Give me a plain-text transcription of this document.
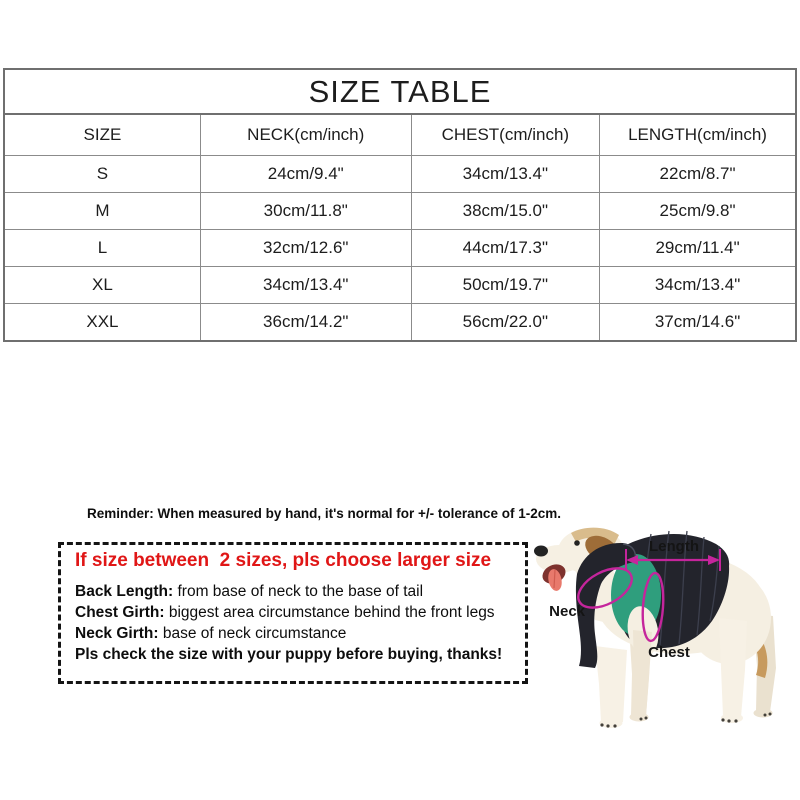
SIZE TABLE			
SIZE	NECK(cm/inch)	CHEST(cm/inch)	LENGTH(cm/inch)
S	24cm/9.4"	34cm/13.4"	22cm/8.7"
M	30cm/11.8"	38cm/15.0"	25cm/9.8"
L	32cm/12.6"	44cm/17.3"	29cm/11.4"
XL	34cm/13.4"	50cm/19.7"	34cm/13.4"
XXL	36cm/14.2"	56cm/22.0"	37cm/14.6"
Reminder: When measured by hand, it's normal for +/- tolerance of 1-2cm.
If size between  2 sizes, pls choose larger size
Back Length: from base of neck to the base of tail
Chest Girth: biggest area circumstance behind the front legs
Neck Girth: base of neck circumstance
Pls check the size with your puppy before buying, thanks!
Length
Neck
Chest
